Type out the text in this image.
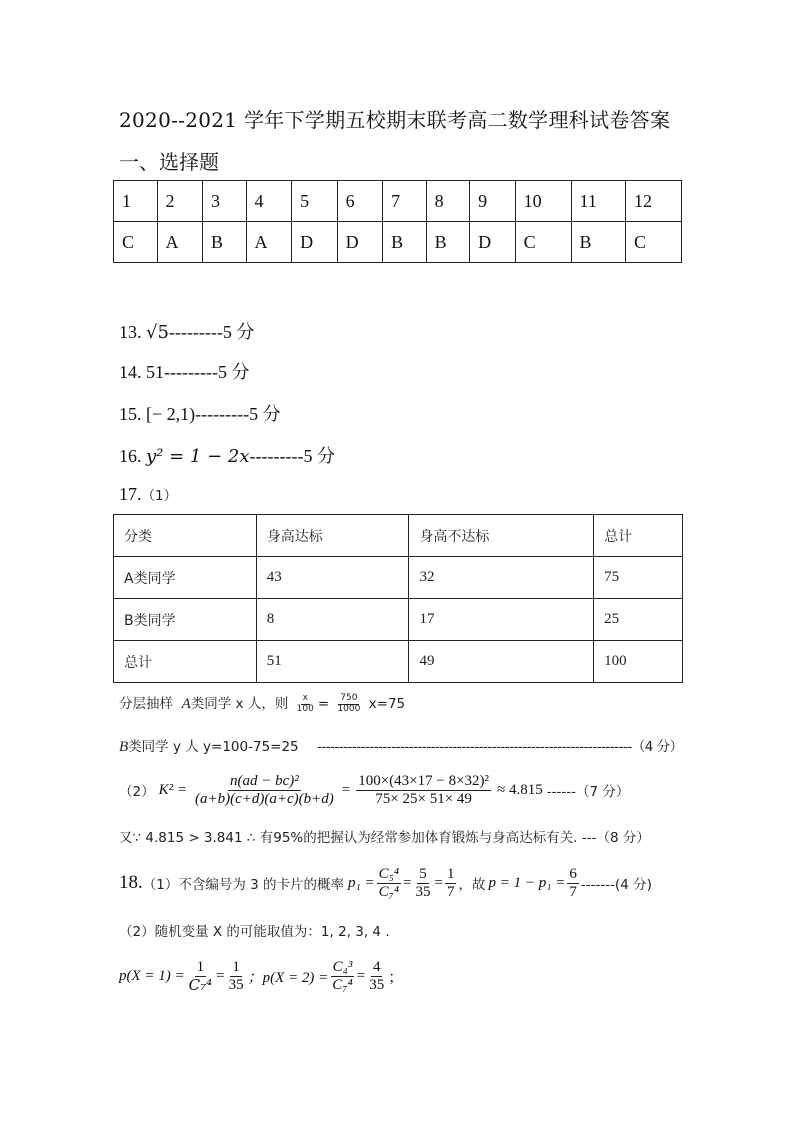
2020--2021 学年下学期五校期末联考高二数学理科试卷答案
一、选择题
1	2	3	4	5	6	7	8	9	10	11	12
C	A	B	A	D	D	B	B	D	C	B	C
13. √5---------5 分
14. 51---------5 分
15. [− 2,1)---------5 分
16. y² = 1 − 2x---------5 分
17.（1）
分类	身高达标	身高不达标	总计
A类同学	43	32	75
B类同学	8	17	25
总计	51	49	100
分层抽样 A类同学 x 人，则 $\frac{x}{100} = \frac{750}{1000} x=75$
B类同学 y 人 y=100-75=25 ------------------------------------------------------------------------（4 分）
（2） $K^2 = \frac{\text{n(ad − bc)²}}{(a+b)(c+d)(a+c)(b+d)} = \frac{\text{100×(43×17 − 8×32)²}}{75\times 25\times 51\times 49} \approx 4.815$ ------（7 分）
又∵ 4.815 > 3.841 ∴ 有95%的把握认为经常参加体育锻炼与身高达标有关. ---（8 分）
18. （1）不含编号为 3 的卡片的概率 $p_1 = \frac{\text{C₅⁴}}{\text{C₇⁴}} = \frac{5}{35} = \frac{1}{7}$ ，故 $p = 1 - p_1 = \frac{6}{7} -------(4$ 分)
（2）随机变量 X 的可能取值为：1, 2, 3, 4 .
$p(X = 1) = \frac{1}{\text{C₇⁴}} = \frac{1}{35}$ ；$p(X = 2) = \frac{\text{C₄³}}{\text{C₇⁴}} = \frac{4}{35}$ ；
